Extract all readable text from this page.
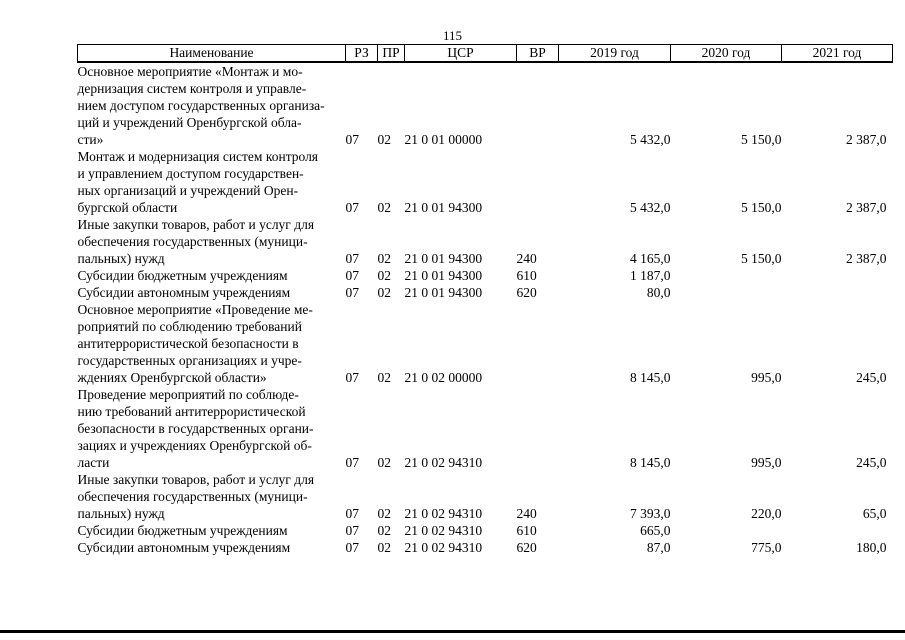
115
Наименование	РЗ	ПР	ЦСР	ВР	2019 год	2020 год	2021 год
Основное мероприятие «Монтаж и мо-
дернизация систем контроля и управле-
нием доступом государственных организа-
ций и учреждений Оренбургской обла-
сти»	07	02	21 0 01 00000		5 432,0	5 150,0	2 387,0
Монтаж и модернизация систем контроля
и управлением доступом государствен-
ных организаций и учреждений Орен-
бургской области	07	02	21 0 01 94300		5 432,0	5 150,0	2 387,0
Иные закупки товаров, работ и услуг для
обеспечения государственных (муници-
пальных) нужд	07	02	21 0 01 94300	240	4 165,0	5 150,0	2 387,0
Субсидии бюджетным учреждениям	07	02	21 0 01 94300	610	1 187,0		
Субсидии автономным учреждениям	07	02	21 0 01 94300	620	80,0		
Основное мероприятие «Проведение ме-
роприятий по соблюдению требований
антитеррористической безопасности в
государственных организациях и учре-
ждениях Оренбургской области»	07	02	21 0 02 00000		8 145,0	995,0	245,0
Проведение мероприятий по соблюде-
нию требований антитеррористической
безопасности в государственных органи-
зациях и учреждениях Оренбургской об-
ласти	07	02	21 0 02 94310		8 145,0	995,0	245,0
Иные закупки товаров, работ и услуг для
обеспечения государственных (муници-
пальных) нужд	07	02	21 0 02 94310	240	7 393,0	220,0	65,0
Субсидии бюджетным учреждениям	07	02	21 0 02 94310	610	665,0		
Субсидии автономным учреждениям	07	02	21 0 02 94310	620	87,0	775,0	180,0
